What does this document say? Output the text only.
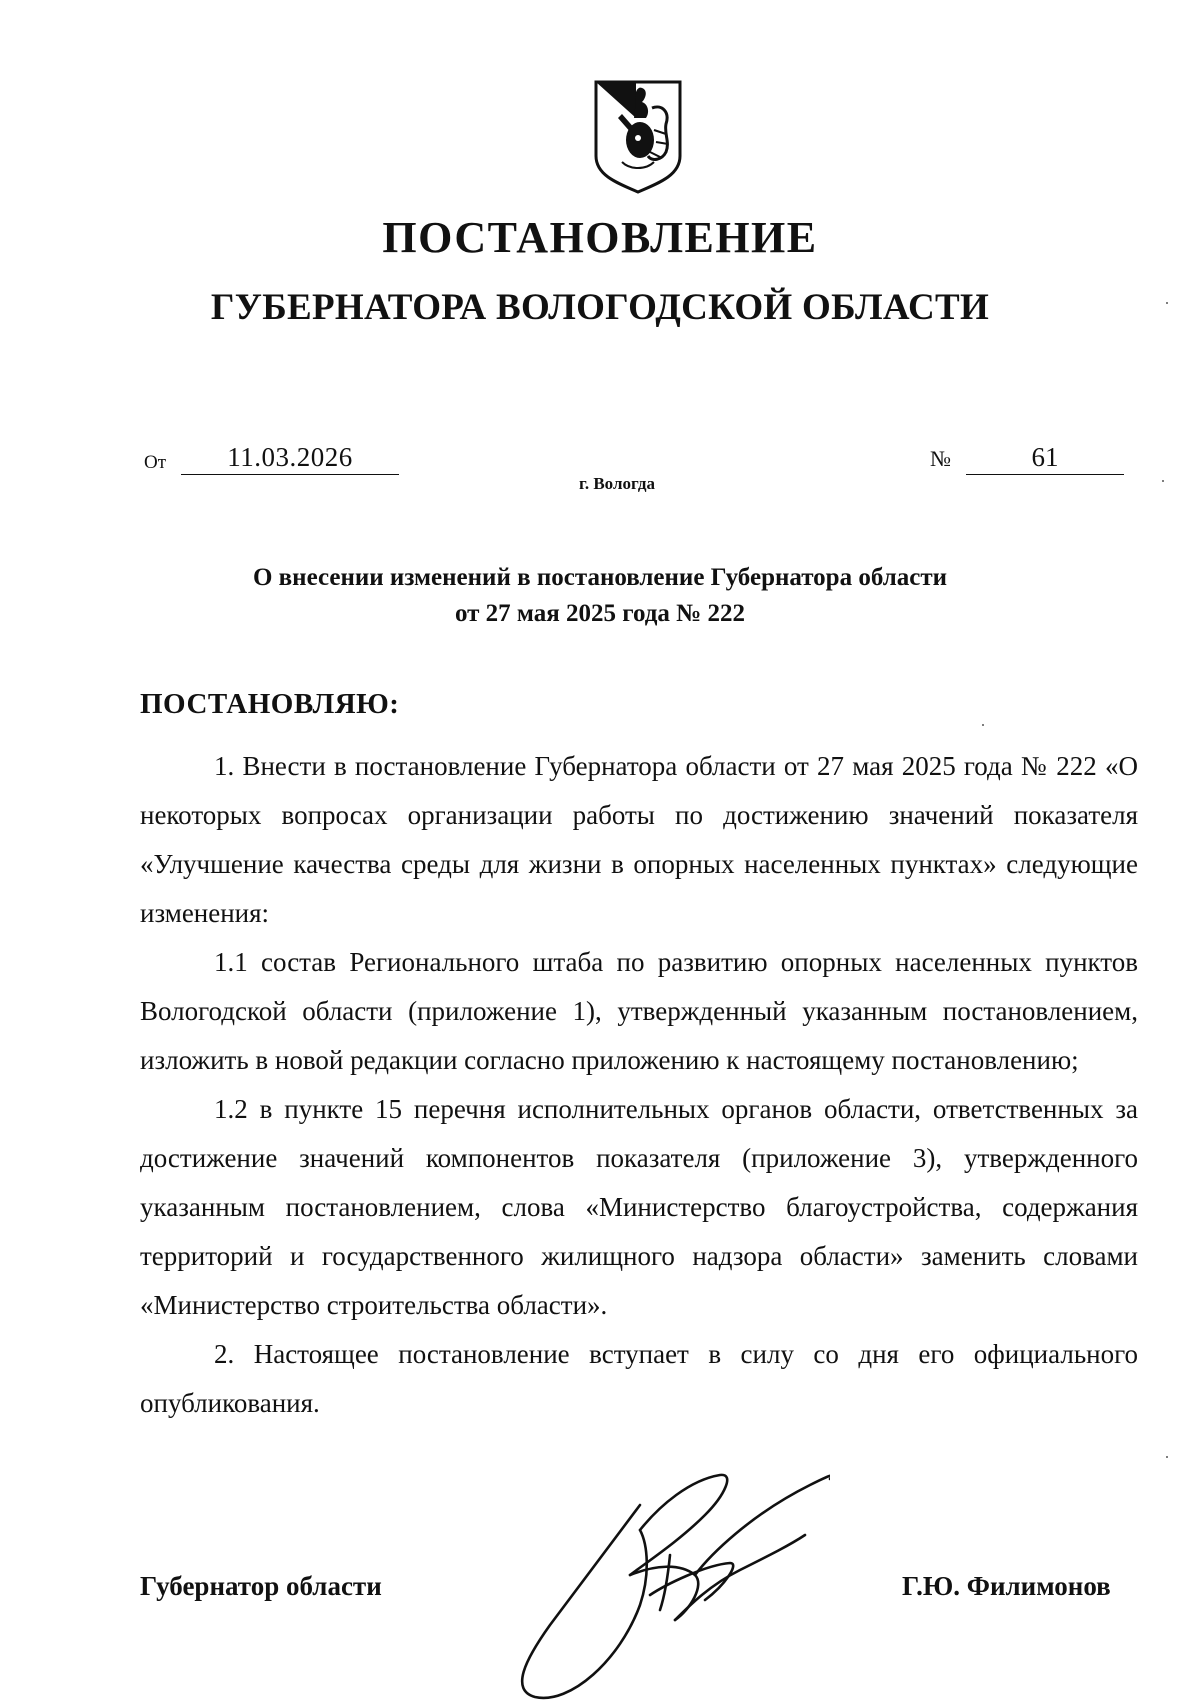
ПОСТАНОВЛЕНИЕ
ГУБЕРНАТОРА ВОЛОГОДСКОЙ ОБЛАСТИ
От	11.03.2026	№	61
г. Вологда
О внесении изменений в постановление Губернатора области
от 27 мая 2025 года № 222
ПОСТАНОВЛЯЮ:

1. Внести в постановление Губернатора области от 27 мая 2025 года № 222 «О некоторых вопросах организации работы по достижению значений показателя «Улучшение качества среды для жизни в опорных населенных пунктах» следующие изменения:

1.1 состав Регионального штаба по развитию опорных населенных пунктов Вологодской области (приложение 1), утвержденный указанным постановлением, изложить в новой редакции согласно приложению к настоящему постановлению;

1.2 в пункте 15 перечня исполнительных органов области, ответственных за достижение значений компонентов показателя (приложение 3), утвержденного указанным постановлением, слова «Министерство благоустройства, содержания территорий и государственного жилищного надзора области» заменить словами «Министерство строительства области».

2. Настоящее постановление вступает в силу со дня его официального опубликования.

Губернатор области	Г.Ю. Филимонов
